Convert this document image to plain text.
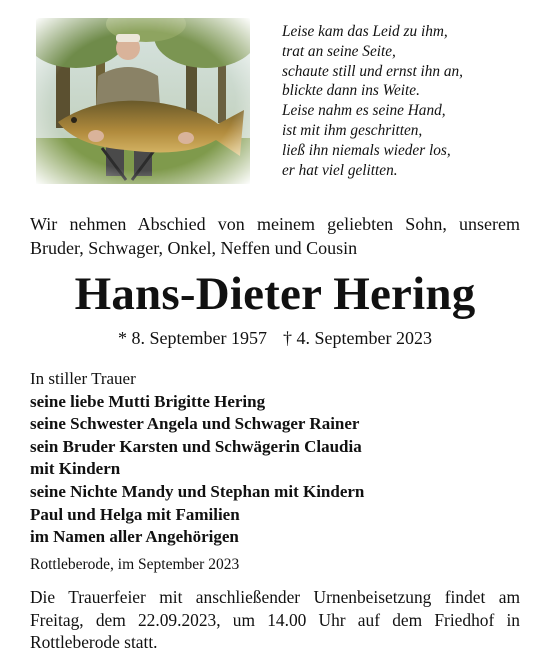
Leise kam das Leid zu ihm,
trat an seine Seite,
schaute still und ernst ihn an,
blickte dann ins Weite.
Leise nahm es seine Hand,
ist mit ihm geschritten,
ließ ihn niemals wieder los,
er hat viel gelitten.
Wir nehmen Abschied von meinem geliebten Sohn, unserem
Bruder, Schwager, Onkel, Neffen und Cousin
Hans-Dieter Hering
* 8. September 1957 † 4. September 2023
In stiller Trauer
seine liebe Mutti Brigitte Hering
seine Schwester Angela und Schwager Rainer
sein Bruder Karsten und Schwägerin Claudia
mit Kindern
seine Nichte Mandy und Stephan mit Kindern
Paul und Helga mit Familien
im Namen aller Angehörigen
Rottleberode, im September 2023
Die Trauerfeier mit anschließender Urnenbeisetzung findet am
Freitag, dem 22.09.2023, um 14.00 Uhr auf dem Friedhof in
Rottleberode statt.
